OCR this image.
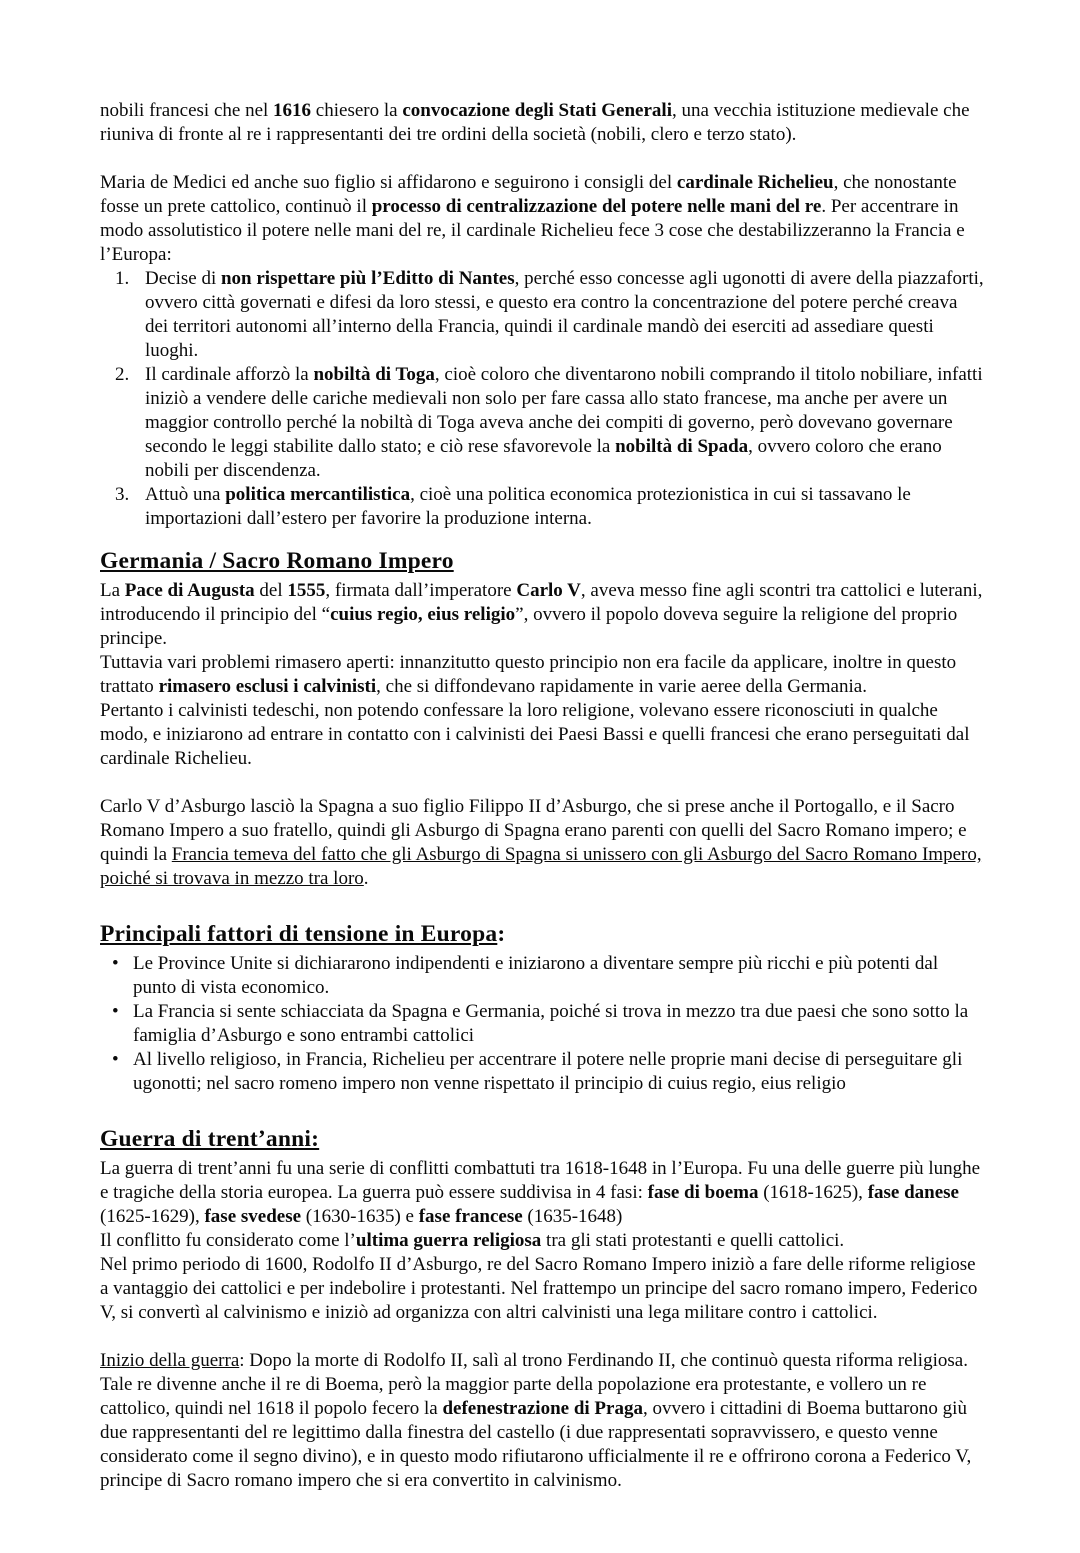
nobili francesi che nel 1616 chiesero la convocazione degli Stati Generali, una vecchia istituzione medievale che riuniva di fronte al re i rappresentanti dei tre ordini della società (nobili, clero e terzo stato).

Maria de Medici ed anche suo figlio si affidarono e seguirono i consigli del cardinale Richelieu, che nonostante fosse un prete cattolico, continuò il processo di centralizzazione del potere nelle mani del re. Per accentrare in modo assolutistico il potere nelle mani del re, il cardinale Richelieu fece 3 cose che destabilizzeranno la Francia e l’Europa:

1. Decise di non rispettare più l’Editto di Nantes, perché esso concesse agli ugonotti di avere della piazzaforti, ovvero città governati e difesi da loro stessi, e questo era contro la concentrazione del potere perché creava dei territori autonomi all’interno della Francia, quindi il cardinale mandò dei eserciti ad assediare questi luoghi.
2. Il cardinale afforzò la nobiltà di Toga, cioè coloro che diventarono nobili comprando il titolo nobiliare, infatti iniziò a vendere delle cariche medievali non solo per fare cassa allo stato francese, ma anche per avere un maggior controllo perché la nobiltà di Toga aveva anche dei compiti di governo, però dovevano governare secondo le leggi stabilite dallo stato; e ciò rese sfavorevole la nobiltà di Spada, ovvero coloro che erano nobili per discendenza.
3. Attuò una politica mercantilistica, cioè una politica economica protezionistica in cui si tassavano le importazioni dall’estero per favorire la produzione interna.
Germania / Sacro Romano Impero

La Pace di Augusta del 1555, firmata dall’imperatore Carlo V, aveva messo fine agli scontri tra cattolici e luterani, introducendo il principio del “cuius regio, eius religio”, ovvero il popolo doveva seguire la religione del proprio principe.

Tuttavia vari problemi rimasero aperti: innanzitutto questo principio non era facile da applicare, inoltre in questo trattato rimasero esclusi i calvinisti, che si diffondevano rapidamente in varie aeree della Germania.

Pertanto i calvinisti tedeschi, non potendo confessare la loro religione, volevano essere riconosciuti in qualche modo, e iniziarono ad entrare in contatto con i calvinisti dei Paesi Bassi e quelli francesi che erano perseguitati dal cardinale Richelieu.

Carlo V d’Asburgo lasciò la Spagna a suo figlio Filippo II d’Asburgo, che si prese anche il Portogallo, e il Sacro Romano Impero a suo fratello, quindi gli Asburgo di Spagna erano parenti con quelli del Sacro Romano impero; e quindi la Francia temeva del fatto che gli Asburgo di Spagna si unissero con gli Asburgo del Sacro Romano Impero, poiché si trovava in mezzo tra loro.

Principali fattori di tensione in Europa:
• Le Province Unite si dichiararono indipendenti e iniziarono a diventare sempre più ricchi e più potenti dal punto di vista economico.
• La Francia si sente schiacciata da Spagna e Germania, poiché si trova in mezzo tra due paesi che sono sotto la famiglia d’Asburgo e sono entrambi cattolici
• Al livello religioso, in Francia, Richelieu per accentrare il potere nelle proprie mani decise di perseguitare gli ugonotti; nel sacro romeno impero non venne rispettato il principio di cuius regio, eius religio
Guerra di trent’anni:

La guerra di trent’anni fu una serie di conflitti combattuti tra 1618-1648 in l’Europa. Fu una delle guerre più lunghe e tragiche della storia europea. La guerra può essere suddivisa in 4 fasi: fase di boema (1618-1625), fase danese (1625-1629), fase svedese (1630-1635) e fase francese (1635-1648)

Il conflitto fu considerato come l’ultima guerra religiosa tra gli stati protestanti e quelli cattolici.

Nel primo periodo di 1600, Rodolfo II d’Asburgo, re del Sacro Romano Impero iniziò a fare delle riforme religiose a vantaggio dei cattolici e per indebolire i protestanti. Nel frattempo un principe del sacro romano impero, Federico V, si convertì al calvinismo e iniziò ad organizza con altri calvinisti una lega militare contro i cattolici.

Inizio della guerra: Dopo la morte di Rodolfo II, salì al trono Ferdinando II, che continuò questa riforma religiosa. Tale re divenne anche il re di Boema, però la maggior parte della popolazione era protestante, e vollero un re cattolico, quindi nel 1618 il popolo fecero la defenestrazione di Praga, ovvero i cittadini di Boema buttarono giù due rappresentanti del re legittimo dalla finestra del castello (i due rappresentati sopravvissero, e questo venne considerato come il segno divino), e in questo modo rifiutarono ufficialmente il re e offrirono corona a Federico V, principe di Sacro romano impero che si era convertito in calvinismo.
